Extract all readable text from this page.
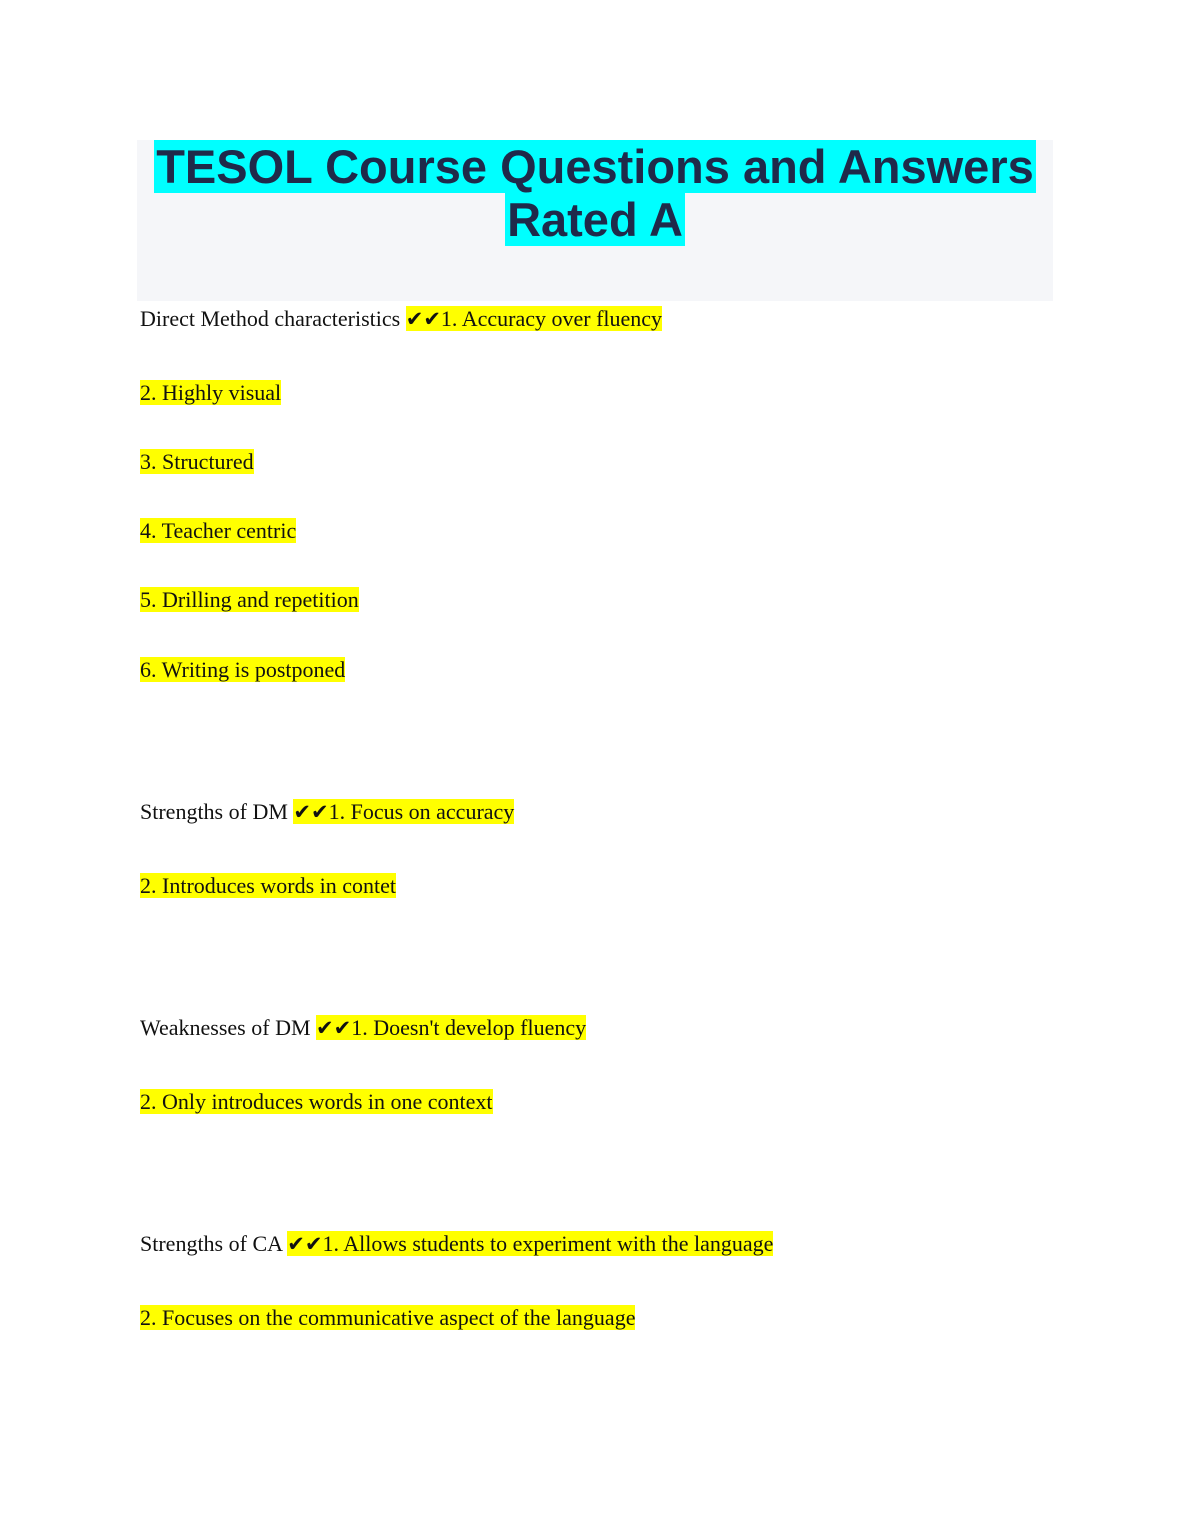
TESOL Course Questions and Answers
Rated A
Direct Method characteristics ✔✔1. Accuracy over fluency
2. Highly visual
3. Structured
4. Teacher centric
5. Drilling and repetition
6. Writing is postponed
Strengths of DM ✔✔1. Focus on accuracy
2. Introduces words in contet
Weaknesses of DM ✔✔1. Doesn't develop fluency
2. Only introduces words in one context
Strengths of CA ✔✔1. Allows students to experiment with the language
2. Focuses on the communicative aspect of the language
